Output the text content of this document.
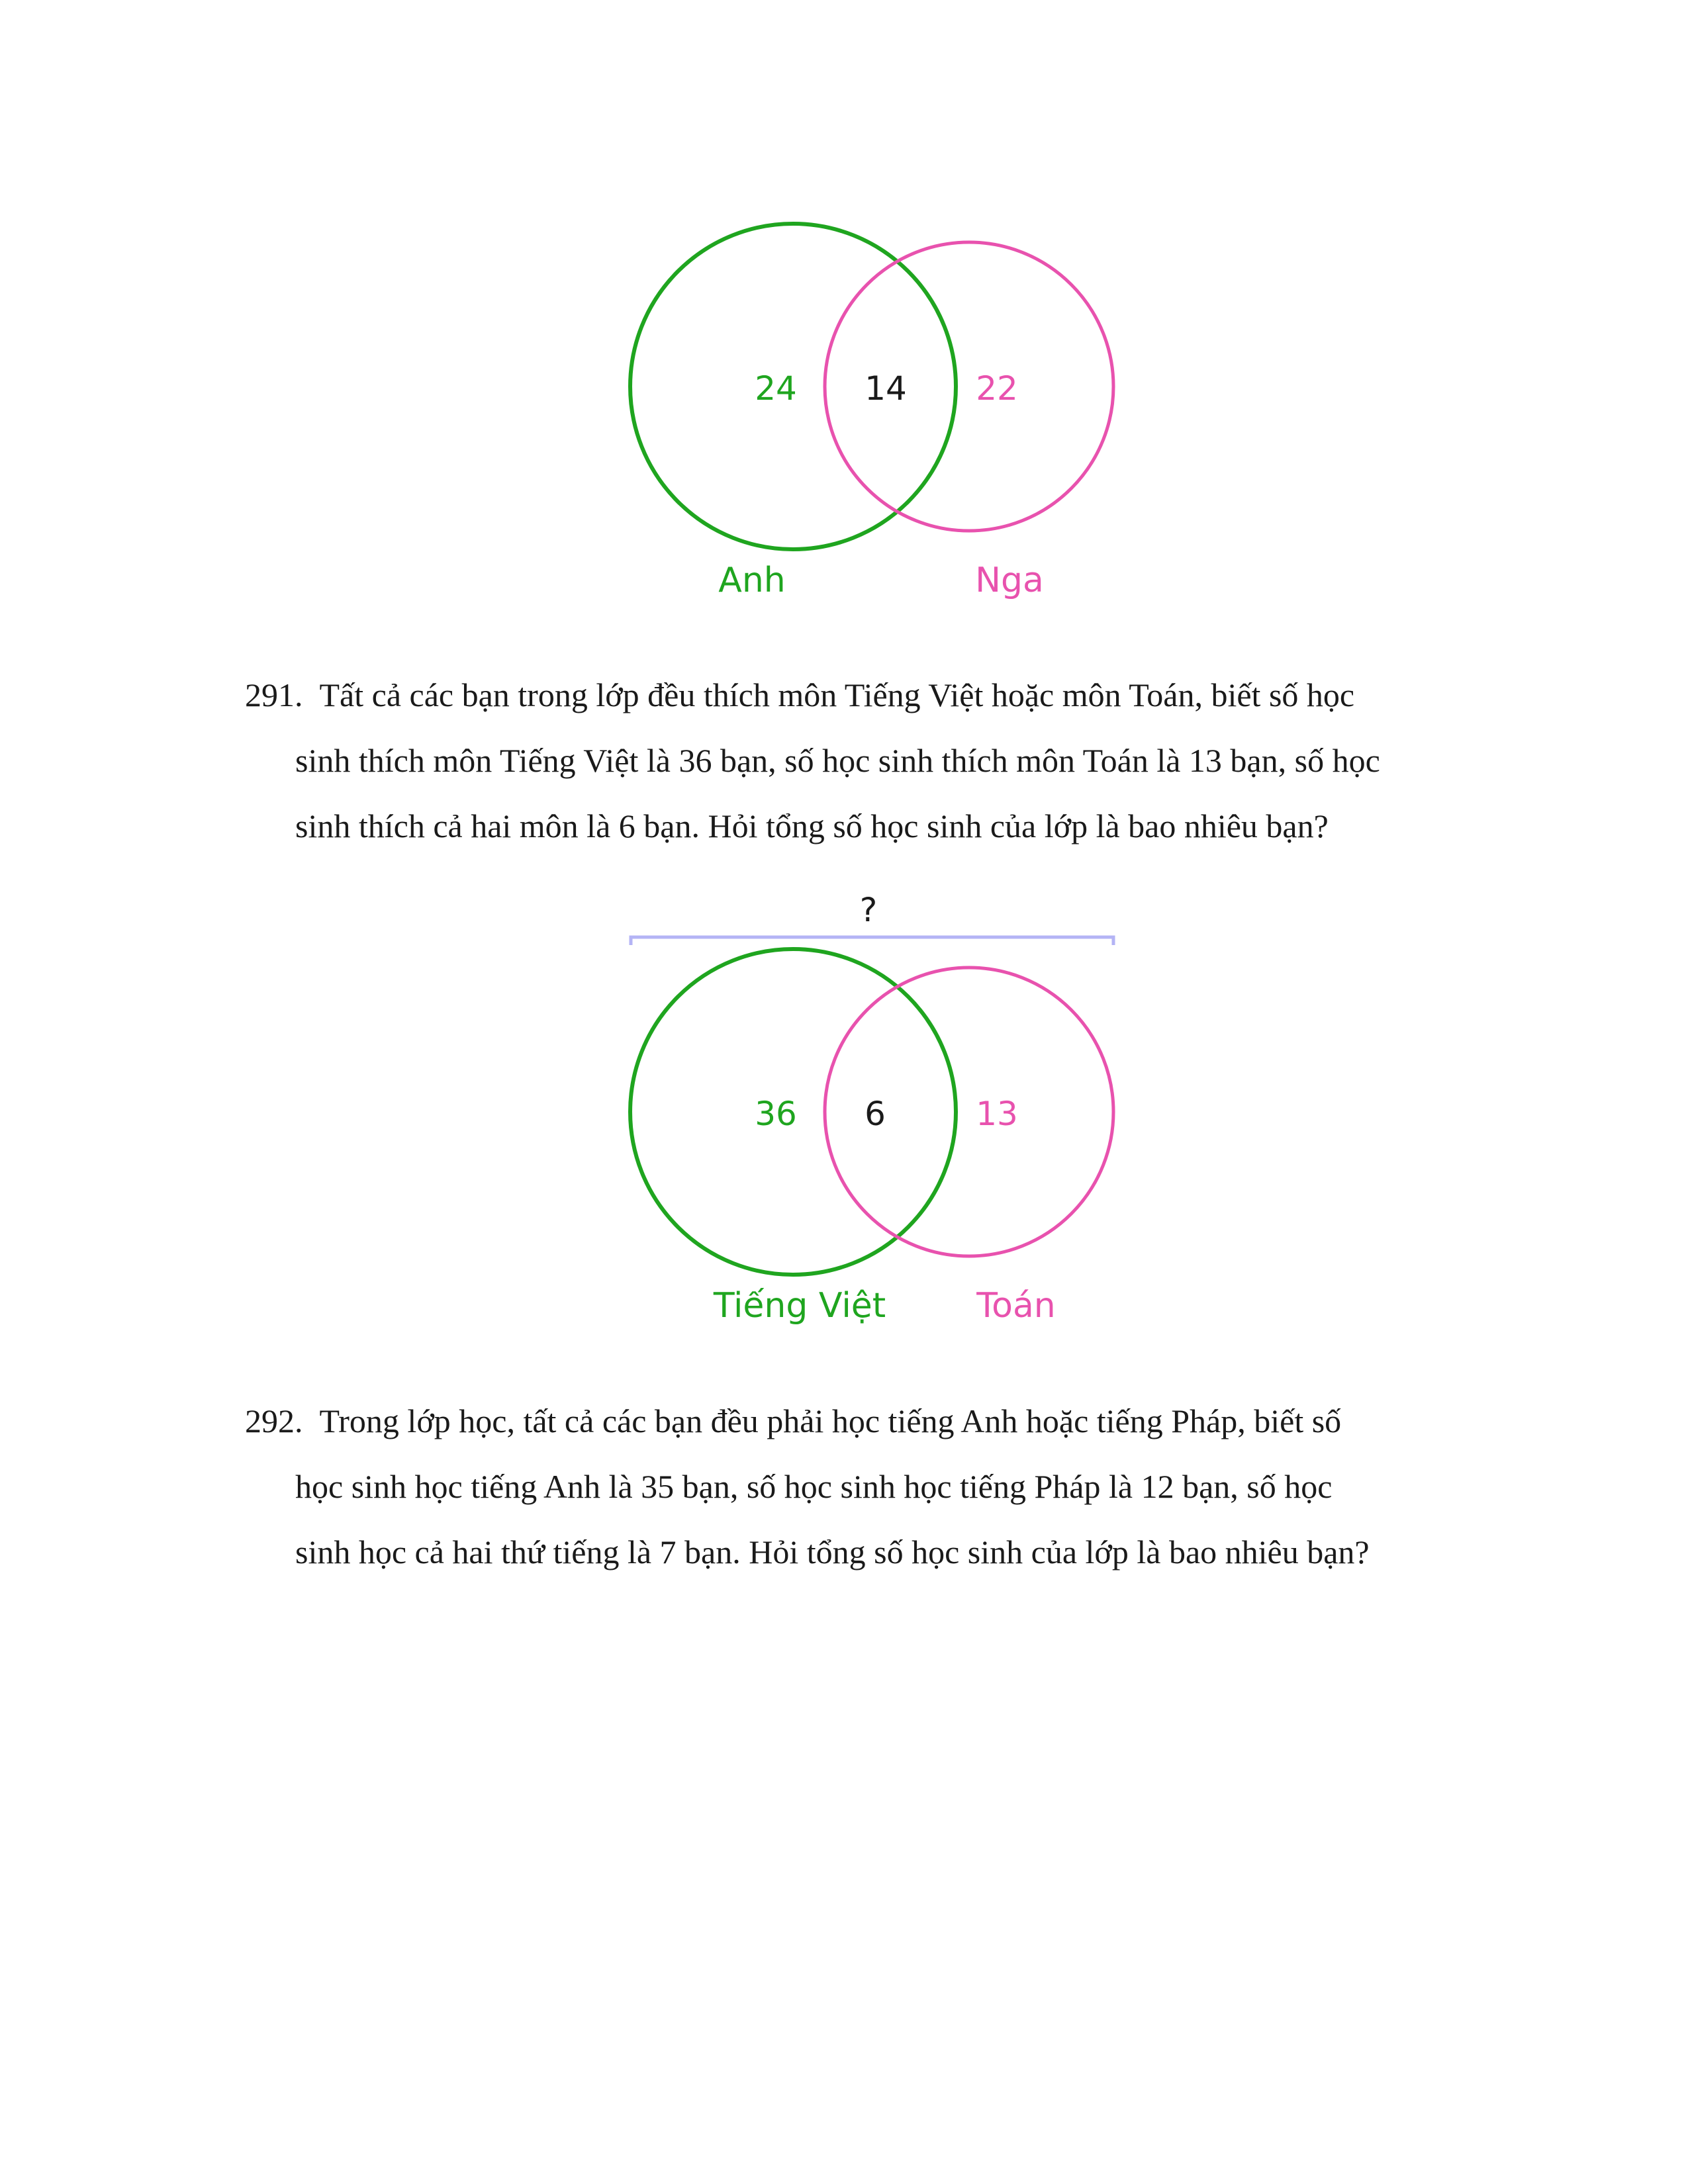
24 14 22
Anh	Nga
?
36 6	13
Tiếng Việt	Toán
291. Tất cả các bạn trong lớp đều thích môn Tiếng Việt hoặc môn Toán, biết số học
sinh thích môn Tiếng Việt là 36 bạn, số học sinh thích môn Toán là 13 bạn, số học
sinh thích cả hai môn là 6 bạn. Hỏi tổng số học sinh của lớp là bao nhiêu bạn?
292. Trong lớp học, tất cả các bạn đều phải học tiếng Anh hoặc tiếng Pháp, biết số
học sinh học tiếng Anh là 35 bạn, số học sinh học tiếng Pháp là 12 bạn, số học
sinh học cả hai thứ tiếng là 7 bạn. Hỏi tổng số học sinh của lớp là bao nhiêu bạn?
